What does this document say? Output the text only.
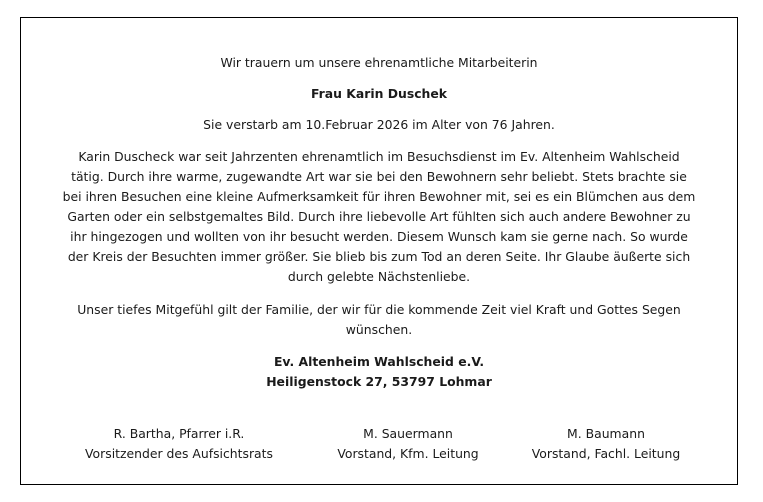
Wir trauern um unsere ehrenamtliche Mitarbeiterin
Frau Karin Duschek
Sie verstarb am 10.Februar 2026 im Alter von 76 Jahren.
Karin Duscheck war seit Jahrzenten ehrenamtlich im Besuchsdienst im Ev. Altenheim Wahlscheid
tätig. Durch ihre warme, zugewandte Art war sie bei den Bewohnern sehr beliebt. Stets brachte sie
bei ihren Besuchen eine kleine Aufmerksamkeit für ihren Bewohner mit, sei es ein Blümchen aus dem
Garten oder ein selbstgemaltes Bild. Durch ihre liebevolle Art fühlten sich auch andere Bewohner zu
ihr hingezogen und wollten von ihr besucht werden. Diesem Wunsch kam sie gerne nach. So wurde
der Kreis der Besuchten immer größer. Sie blieb bis zum Tod an deren Seite. Ihr Glaube äußerte sich
durch gelebte Nächstenliebe.
Unser tiefes Mitgefühl gilt der Familie, der wir für die kommende Zeit viel Kraft und Gottes Segen
wünschen.
Ev. Altenheim Wahlscheid e.V.
Heiligenstock 27, 53797 Lohmar
R. Bartha, Pfarrer i.R.
Vorsitzender des Aufsichtsrats
M. Sauermann
Vorstand, Kfm. Leitung
M. Baumann
Vorstand, Fachl. Leitung
